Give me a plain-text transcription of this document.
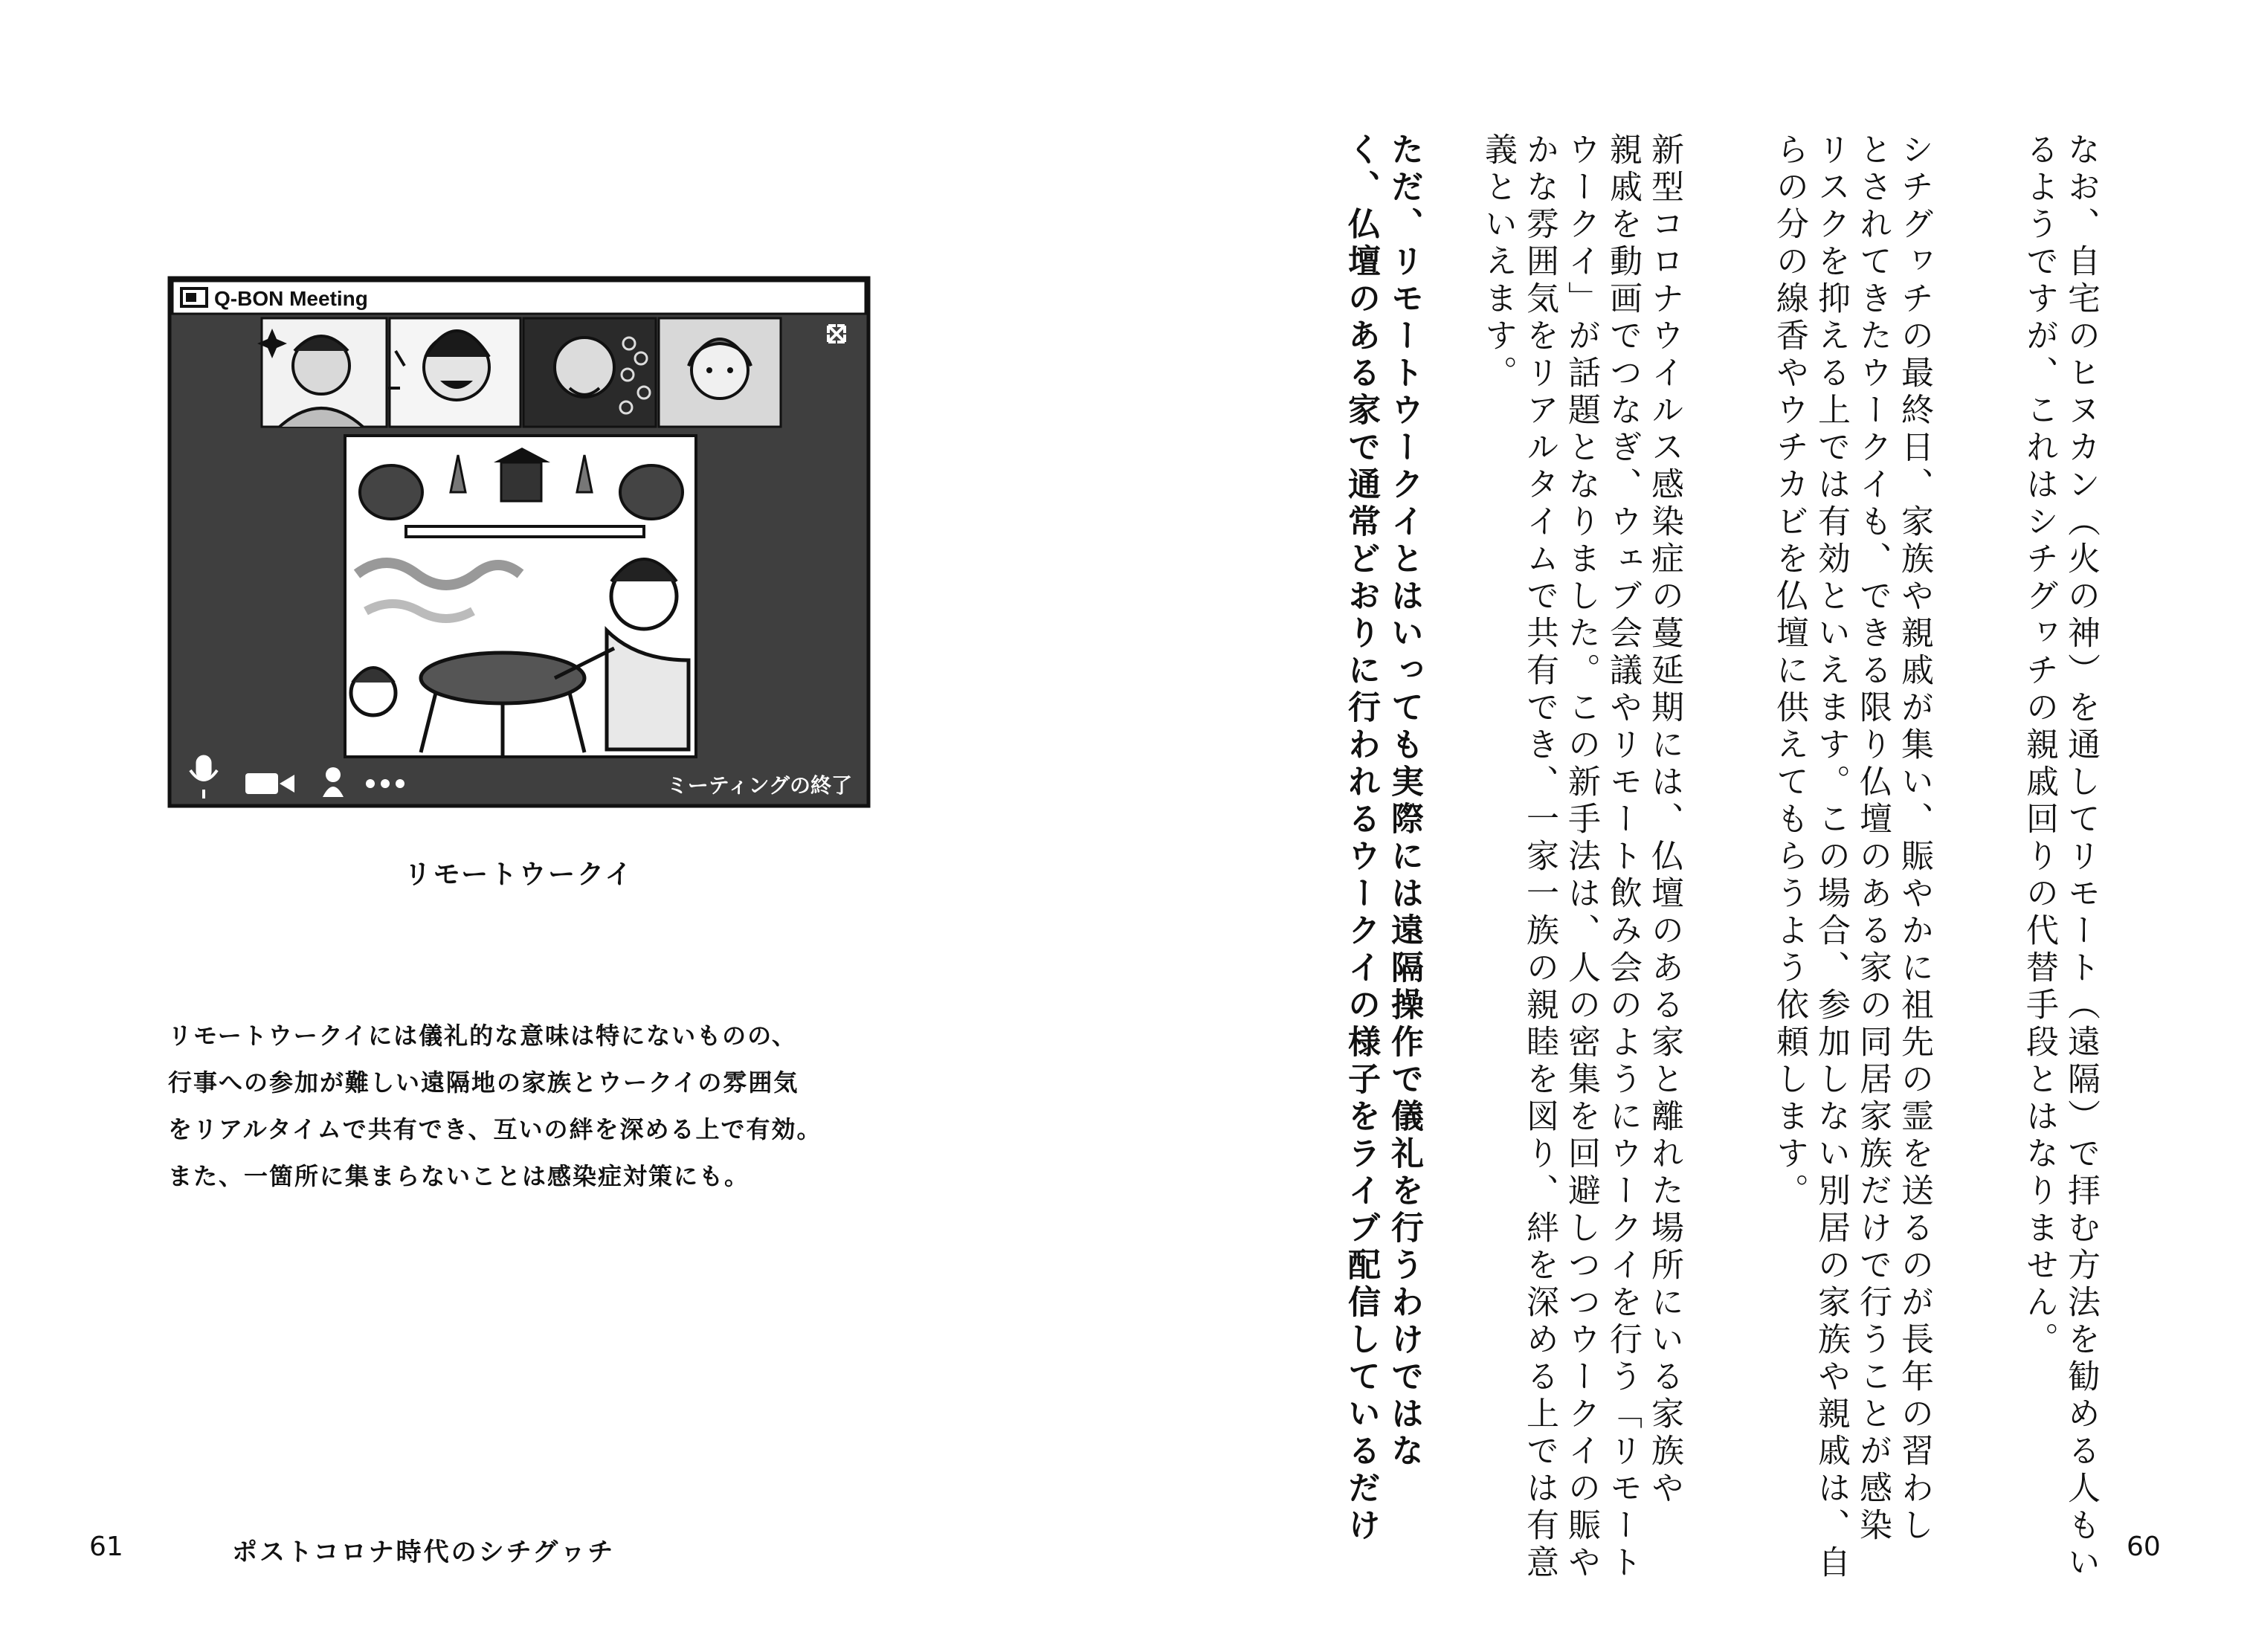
Q-BON Meeting
ミーティングの終了
リモートウークイ
リモートウークイには儀礼的な意味は特にないものの、
行事への参加が難しい遠隔地の家族とウークイの雰囲気
をリアルタイムで共有でき、互いの絆を深める上で有効。
また、一箇所に集まらないことは感染症対策にも。
61	ポストコロナ時代のシチグヮチ	60
なお、自宅のヒヌカン（火の神）を通してリモート（遠隔）で拝む方法を勧める人もい
るようですが、これはシチグヮチの親戚回りの代替手段とはなりません。
シチグヮチの最終日、家族や親戚が集い、賑やかに祖先の霊を送るのが長年の習わし
とされてきたウークイも、できる限り仏壇のある家の同居家族だけで行うことが感染
リスクを抑える上では有効といえます。この場合、参加しない別居の家族や親戚は、自
らの分の線香やウチカビを仏壇に供えてもらうよう依頼します。
新型コロナウイルス感染症の蔓延期には、仏壇のある家と離れた場所にいる家族や
親戚を動画でつなぎ、ウェブ会議やリモート飲み会のようにウークイを行う「リモート
ウークイ」が話題となりました。この新手法は、人の密集を回避しつつウークイの賑や
かな雰囲気をリアルタイムで共有でき、一家一族の親睦を図り、絆を深める上では有意
義といえます。
ただ、リモートウークイとはいっても実際には遠隔操作で儀礼を行うわけではな
く、仏壇のある家で通常どおりに行われるウークイの様子をライブ配信しているだけ
